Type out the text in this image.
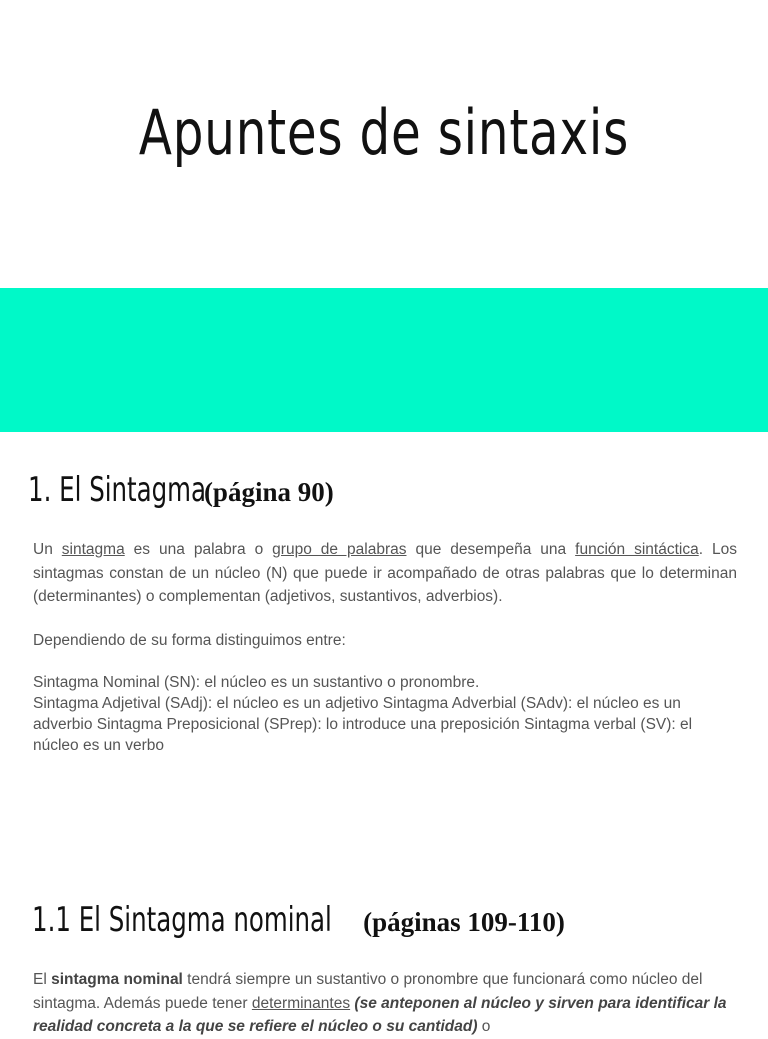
Apuntes de sintaxis
1. El Sintagma (página 90)

Un sintagma es una palabra o grupo de palabras que desempeña una función sintáctica. Los sintagmas constan de un núcleo (N) que puede ir acompañado de otras palabras que lo determinan (determinantes) o complementan (adjetivos, sustantivos, adverbios).

Dependiendo de su forma distinguimos entre:

Sintagma Nominal (SN): el núcleo es un sustantivo o pronombre.

Sintagma Adjetival (SAdj): el núcleo es un adjetivo Sintagma Adverbial (SAdv): el núcleo es un adverbio Sintagma Preposicional (SPrep): lo introduce una preposición Sintagma verbal (SV): el núcleo es un verbo

1.1 El Sintagma nominal (páginas 109-110)

El sintagma nominal tendrá siempre un sustantivo o pronombre que funcionará como núcleo del sintagma. Además puede tener determinantes (se anteponen al núcleo y sirven para identificar la realidad concreta a la que se refiere el núcleo o su cantidad) o
